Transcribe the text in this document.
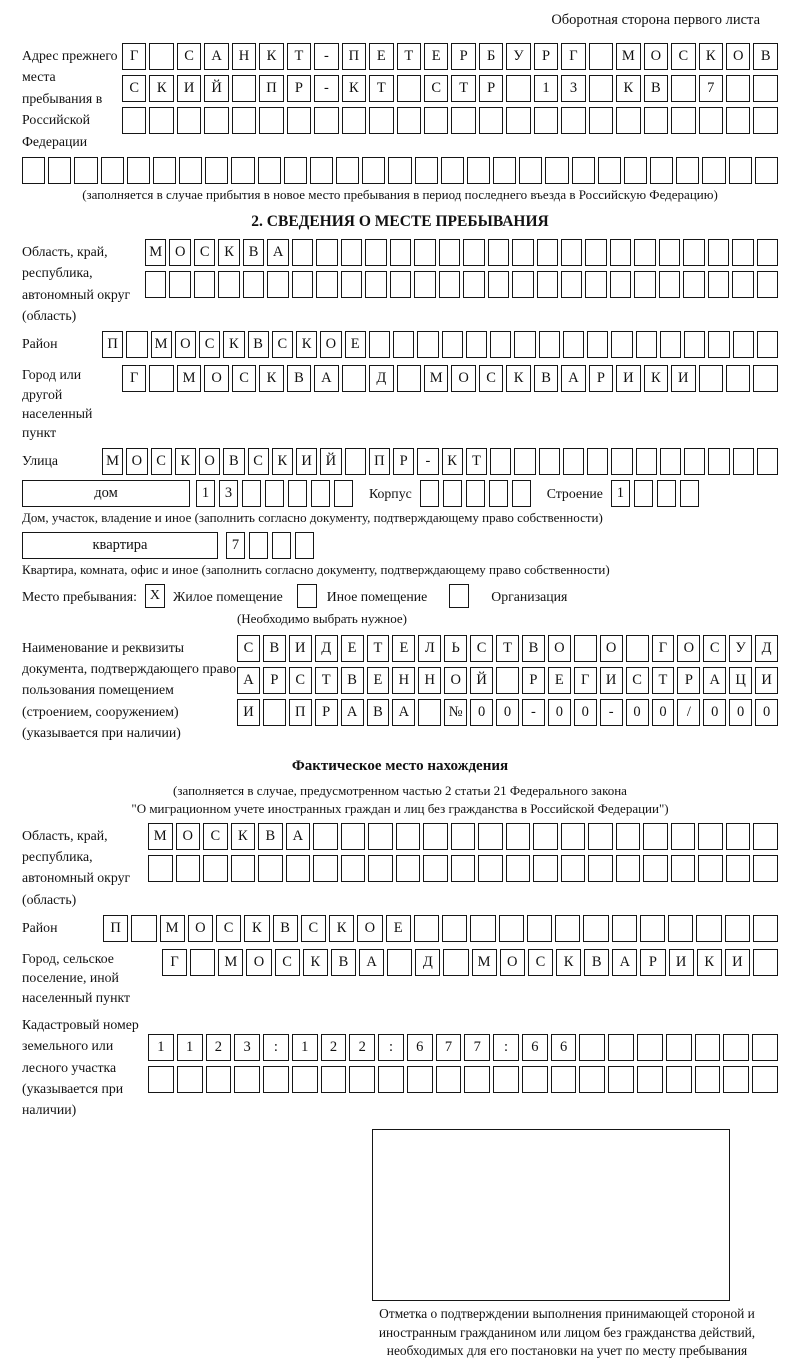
Оборотная сторона первого листа
Адрес прежнего места пребывания в Российской Федерации
Г	С	А	Н	К	Т	-	П	Е	Т	Е	Р	Б	У	Р	Г	М	О	С	К	О	В
С	К	И	Й	П	Р	-	К	Т	С	Т	Р	1	3	К	В	7
(заполняется в случае прибытия в новое место пребывания в период последнего въезда в Российскую Федерацию)
2. СВЕДЕНИЯ О МЕСТЕ ПРЕБЫВАНИЯ
Область, край, республика, автономный округ (область)
М О С	К	В А
Район	П	М О С	К	В	С	К О	Е
Город или другой населенный пункт
Г	М	О	С	К	В	А	Д	М	О	С	К	В	А	Р	И	К	И
Улица	М О С	К О В	С	К И Й	П	Р	-	К	Т
дом	1	3	Корпус	Строение 1
Дом, участок, владение и иное (заполнить согласно документу, подтверждающему право собственности)
квартира	7
Квартира, комната, офис и иное (заполнить согласно документу, подтверждающему право собственности)
Место пребывания: X Жилое помещение	Иное помещение	Организация
(Необходимо выбрать нужное)
Наименование и реквизиты документа, подтверждающего право пользования помещением (строением, сооружением) (указывается при наличии)
С	В	И	Д	Е	Т	Е	Л	Ь	С	Т	В	О	О	Г	О	С	У	Д
А	Р	С	Т	В	Е	Н	Н	О	Й	Р	Е	Г	И	С	Т	Р	А	Ц	И
И	П	Р	А	В	А	№	0	0	-	0	0	-	0	0	/	0	0	0
Фактическое место нахождения
(заполняется в случае, предусмотренном частью 2 статьи 21 Федерального закона
"О миграционном учете иностранных граждан и лиц без гражданства в Российской Федерации")
Область, край, республика, автономный округ (область)
М	О	С	К	В	А
Район	П	М	О	С	К	В	С	К	О	Е
Город, сельское поселение, иной населенный пункт
Г	М	О	С	К	В	А	Д	М	О	С	К	В	А	Р	И	К	И
Кадастровый номер земельного или лесного участка (указывается при наличии)
1	1	2	3	:	1	2	2	:	6	7	7	:	6	6
Отметка о подтверждении выполнения принимающей стороной и иностранным гражданином или лицом без гражданства действий, необходимых для его постановки на учет по месту пребывания
